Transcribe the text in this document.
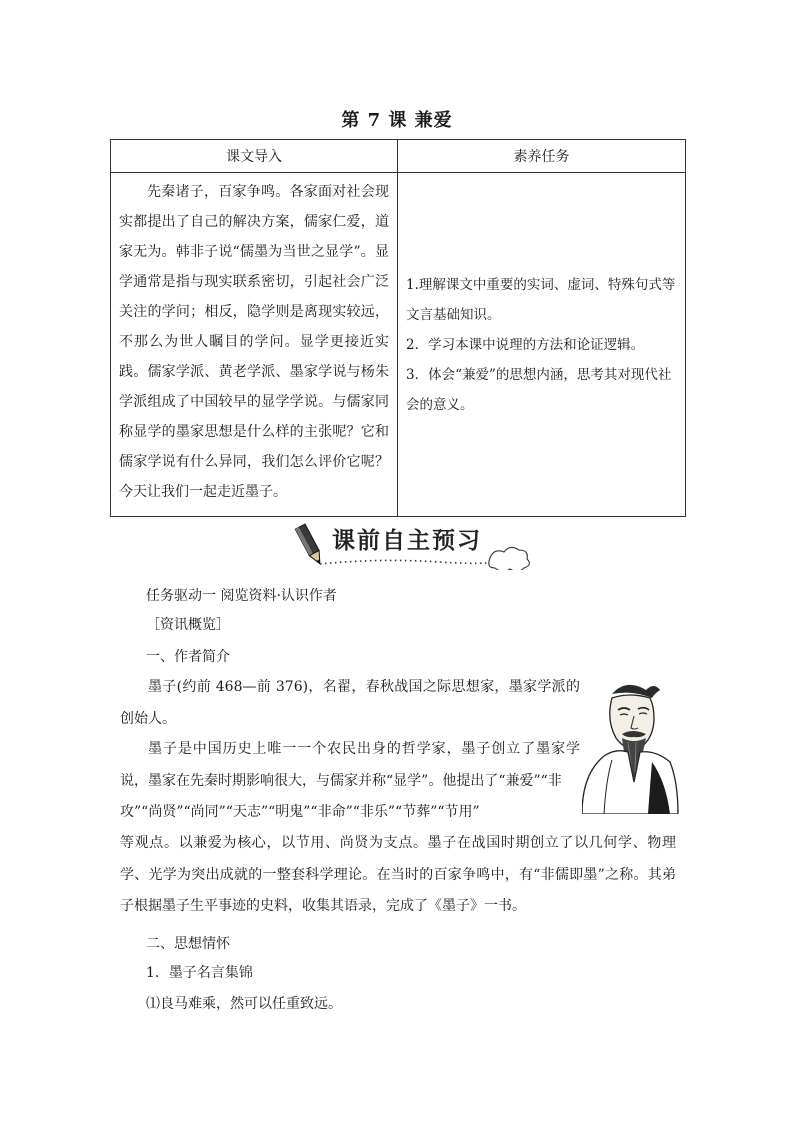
第 7 课 兼爱
课文导入	素养任务
先秦诸子，百家争鸣。各家面对社会现实都提出了自己的解决方案，儒家仁爱，道家无为。韩非子说“儒墨为当世之显学”。显学通常是指与现实联系密切，引起社会广泛关注的学问；相反，隐学则是离现实较远，不那么为世人瞩目的学问。显学更接近实践。儒家学派、黄老学派、墨家学说与杨朱学派组成了中国较早的显学学说。与儒家同称显学的墨家思想是什么样的主张呢？它和儒家学说有什么异同，我们怎么评价它呢？今天让我们一起走近墨子。	1.理解课文中重要的实词、虚词、特殊句式等文言基础知识。
2．学习本课中说理的方法和论证逻辑。
3．体会“兼爱”的思想内涵，思考其对现代社会的意义。
课前自主预习
任务驱动一 阅览资料·认识作者
［资讯概览］
一、作者简介
墨子(约前 468—前 376)，名翟，春秋战国之际思想家，墨家学派的创始人。
墨子是中国历史上唯一一个农民出身的哲学家，墨子创立了墨家学说，墨家在先秦时期影响很大，与儒家并称“显学”。他提出了“兼爱”“非
攻”“尚贤”“尚同”“天志”“明鬼”“非命”“非乐”“节葬”“节用”
等观点。以兼爱为核心，以节用、尚贤为支点。墨子在战国时期创立了以几何学、物理学、光学为突出成就的一整套科学理论。在当时的百家争鸣中，有“非儒即墨”之称。其弟子根据墨子生平事迹的史料，收集其语录，完成了《墨子》一书。
二、思想情怀
1．墨子名言集锦
⑴良马难乘，然可以任重致远。
